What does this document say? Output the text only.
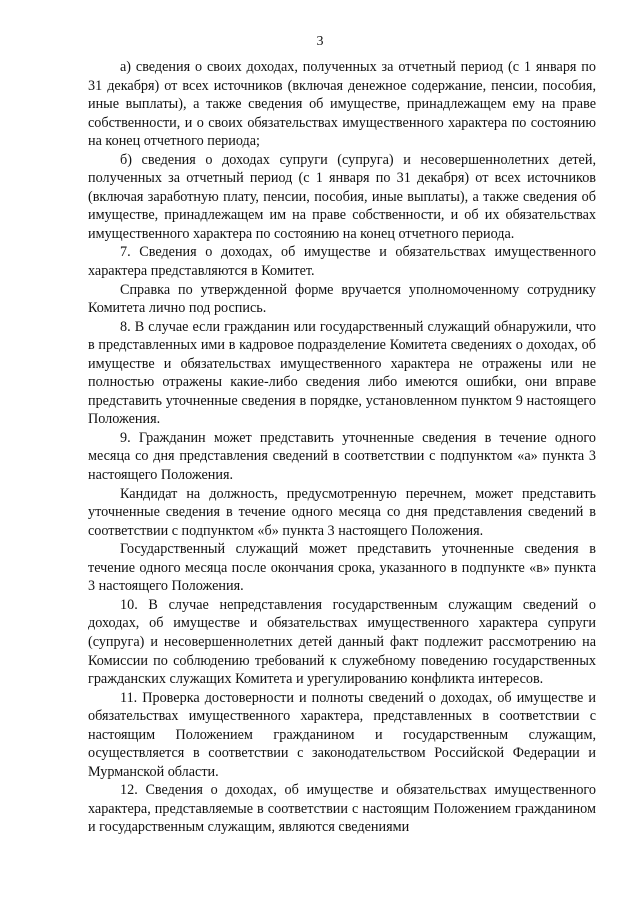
3

а) сведения о своих доходах, полученных за отчетный период (с 1 января по 31 декабря) от всех источников (включая денежное содержание, пенсии, пособия, иные выплаты), а также сведения об имуществе, принадлежащем ему на праве собственности, и о своих обязательствах имущественного характера по состоянию на конец отчетного периода;

б) сведения о доходах супруги (супруга) и несовершеннолетних детей, полученных за отчетный период (с 1 января по 31 декабря) от всех источников (включая заработную плату, пенсии, пособия, иные выплаты), а также сведения об имуществе, принадлежащем им на праве собственности, и об их обязательствах имущественного характера по состоянию на конец отчетного периода.

7. Сведения о доходах, об имуществе и обязательствах имущественного характера представляются в Комитет.

Справка по утвержденной форме вручается уполномоченному сотруднику Комитета лично под роспись.

8. В случае если гражданин или государственный служащий обнаружили, что в представленных ими в кадровое подразделение Комитета сведениях о доходах, об имуществе и обязательствах имущественного характера не отражены или не полностью отражены какие-либо сведения либо имеются ошибки, они вправе представить уточненные сведения в порядке, установленном пунктом 9 настоящего Положения.

9. Гражданин может представить уточненные сведения в течение одного месяца со дня представления сведений в соответствии с подпунктом «а» пункта 3 настоящего Положения.

Кандидат на должность, предусмотренную перечнем, может представить уточненные сведения в течение одного месяца со дня представления сведений в соответствии с подпунктом «б» пункта 3 настоящего Положения.

Государственный служащий может представить уточненные сведения в течение одного месяца после окончания срока, указанного в подпункте «в» пункта 3 настоящего Положения.

10. В случае непредставления государственным служащим сведений о доходах, об имуществе и обязательствах имущественного характера супруги (супруга) и несовершеннолетних детей данный факт подлежит рассмотрению на Комиссии по соблюдению требований к служебному поведению государственных гражданских служащих Комитета и урегулированию конфликта интересов.

11. Проверка достоверности и полноты сведений о доходах, об имуществе и обязательствах имущественного характера, представленных в соответствии с настоящим Положением гражданином и государственным служащим, осуществляется в соответствии с законодательством Российской Федерации и Мурманской области.

12. Сведения о доходах, об имуществе и обязательствах имущественного характера, представляемые в соответствии с настоящим Положением гражданином и государственным служащим, являются сведениями
